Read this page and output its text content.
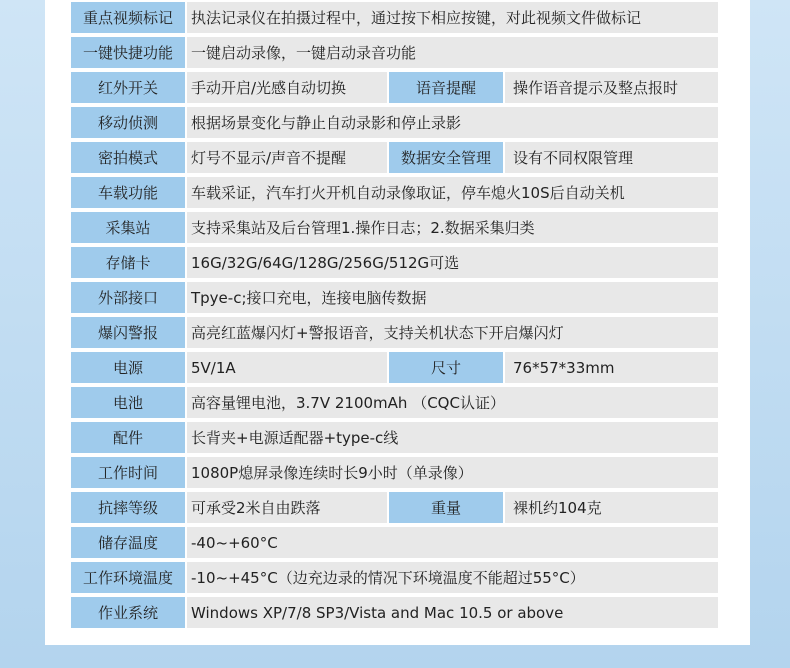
重点视频标记	执法记录仪在拍摄过程中，通过按下相应按键，对此视频文件做标记
一键快捷功能	一键启动录像，一键启动录音功能
红外开关	手动开启/光感自动切换	语音提醒	操作语音提示及整点报时
移动侦测	根据场景变化与静止自动录影和停止录影
密拍模式	灯号不显示/声音不提醒	数据安全管理	设有不同权限管理
车载功能	车载采证，汽车打火开机自动录像取证，停车熄火10S后自动关机
采集站	支持采集站及后台管理1.操作日志；2.数据采集归类
存储卡	16G/32G/64G/128G/256G/512G可选
外部接口	Tpye-c;接口充电，连接电脑传数据
爆闪警报	高亮红蓝爆闪灯+警报语音，支持关机状态下开启爆闪灯
电源	5V/1A	尺寸	76*57*33mm
电池	高容量锂电池，3.7V 2100mAh （CQC认证）
配件	长背夹+电源适配器+type-c线
工作时间	1080P熄屏录像连续时长9小时（单录像）
抗摔等级	可承受2米自由跌落	重量	裸机约104克
储存温度	-40~+60°C
工作环境温度	-10~+45°C（边充边录的情况下环境温度不能超过55°C）
作业系统	Windows XP/7/8 SP3/Vista and Mac 10.5 or above
